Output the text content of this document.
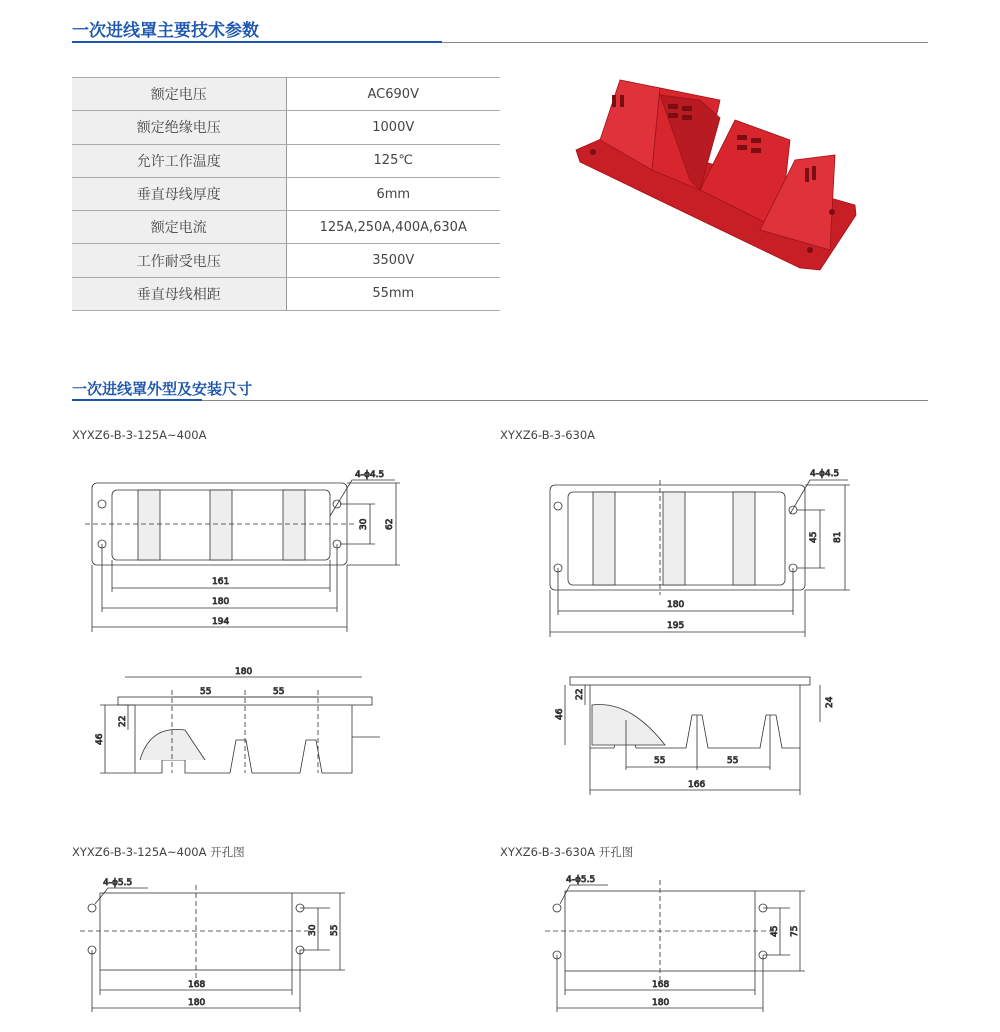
一次进线罩主要技术参数
额定电压	AC690V
额定绝缘电压	1000V
允许工作温度	125℃
垂直母线厚度	6mm
额定电流	125A,250A,400A,630A
工作耐受电压	3500V
垂直母线相距	55mm
一次进线罩外型及安装尺寸
XYXZ6-B-3-125A~400A	XYXZ6-B-3-630A
XYXZ6-B-3-125A~400A 开孔图	XYXZ6-B-3-630A 开孔图
161
180
194
4-ϕ4.5
30 62
180
195
4-ϕ4.5
45 81
180
55	55
22
46
55	55
166
22
46
24
4-ϕ5.5
168
180
30 55
4-ϕ5.5
168
180
45 75
